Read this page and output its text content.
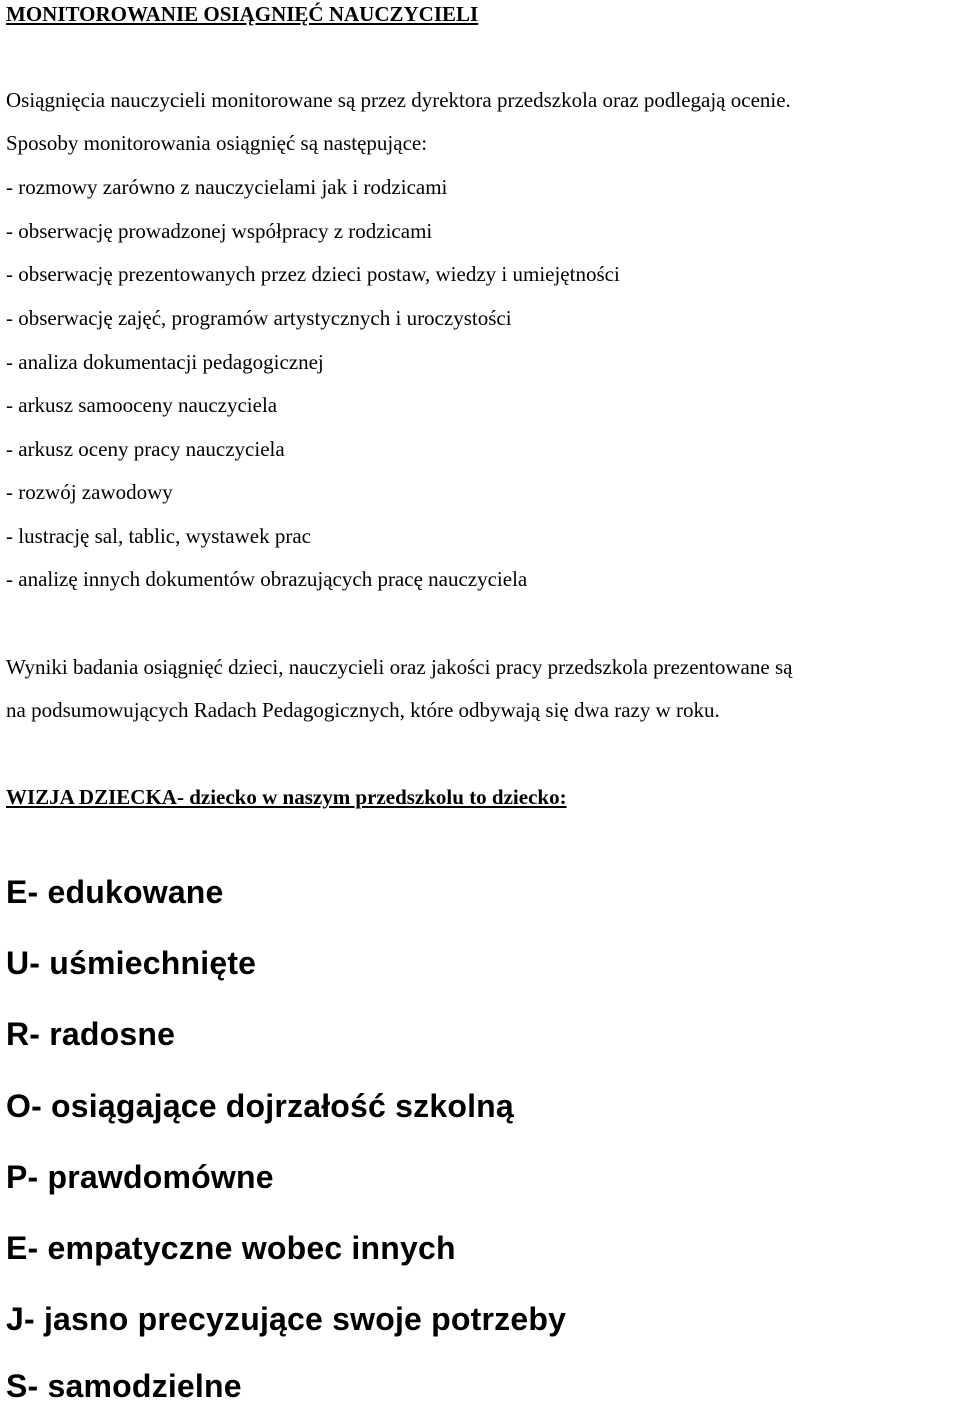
MONITOROWANIE OSIĄGNIĘĆ NAUCZYCIELI

Osiągnięcia nauczycieli monitorowane są przez dyrektora przedszkola oraz podlegają ocenie.

Sposoby monitorowania osiągnięć są następujące:

- rozmowy zarówno z nauczycielami jak i rodzicami

- obserwację prowadzonej współpracy z rodzicami

- obserwację prezentowanych przez dzieci postaw, wiedzy i umiejętności

- obserwację zajęć, programów artystycznych i uroczystości

- analiza dokumentacji pedagogicznej

- arkusz samooceny nauczyciela

- arkusz oceny pracy nauczyciela

- rozwój zawodowy

- lustrację sal, tablic, wystawek prac

- analizę innych dokumentów obrazujących pracę nauczyciela

Wyniki badania osiągnięć dzieci, nauczycieli oraz jakości pracy przedszkola prezentowane są

na podsumowujących Radach Pedagogicznych, które odbywają się dwa razy w roku.

WIZJA DZIECKA- dziecko w naszym przedszkolu to dziecko:

E- edukowane

U- uśmiechnięte

R- radosne

O- osiągające dojrzałość szkolną

P- prawdomówne

E- empatyczne wobec innych

J- jasno precyzujące swoje potrzeby

S- samodzielne
